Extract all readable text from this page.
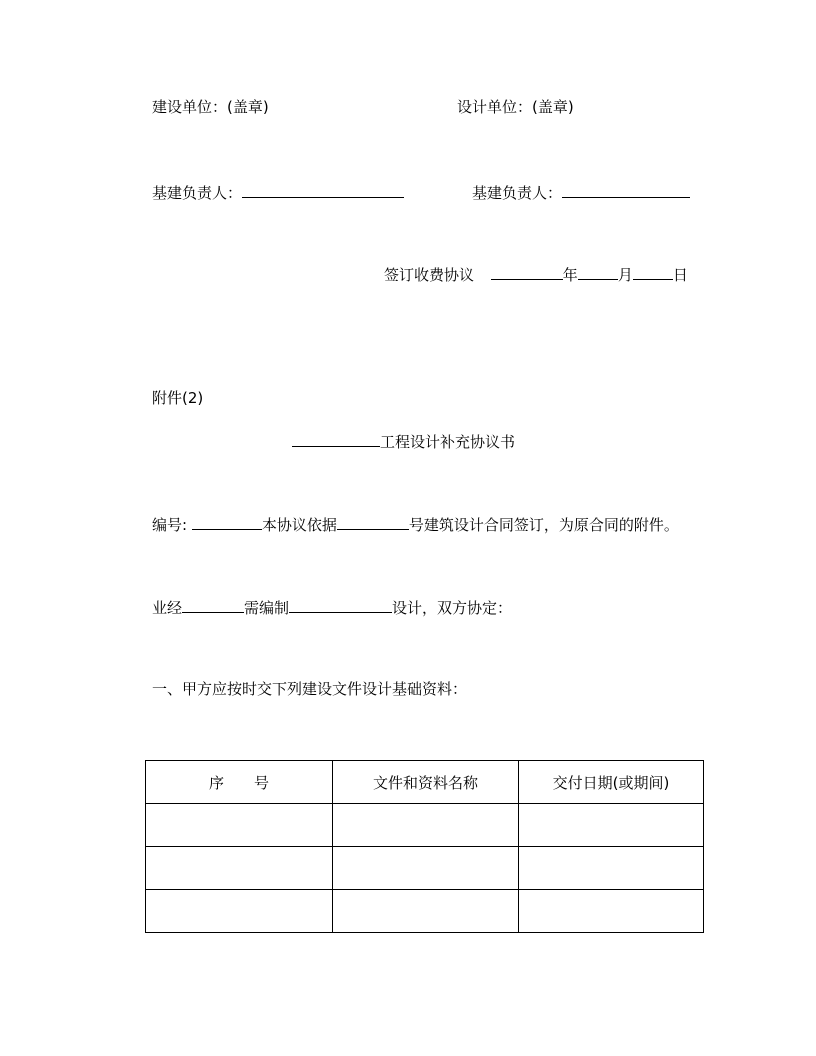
建设单位：(盖章)	设计单位：(盖章)
基建负责人：	基建负责人：
签订收费协议	年	月	日
附件(2)
工程设计补充协议书
编号:	本协议依据	号建筑设计合同签订，为原合同的附件。
业经	需编制	设计，双方协定：
一、甲方应按时交下列建设文件设计基础资料：
序　　号	文件和资料名称	交付日期(或期间)
